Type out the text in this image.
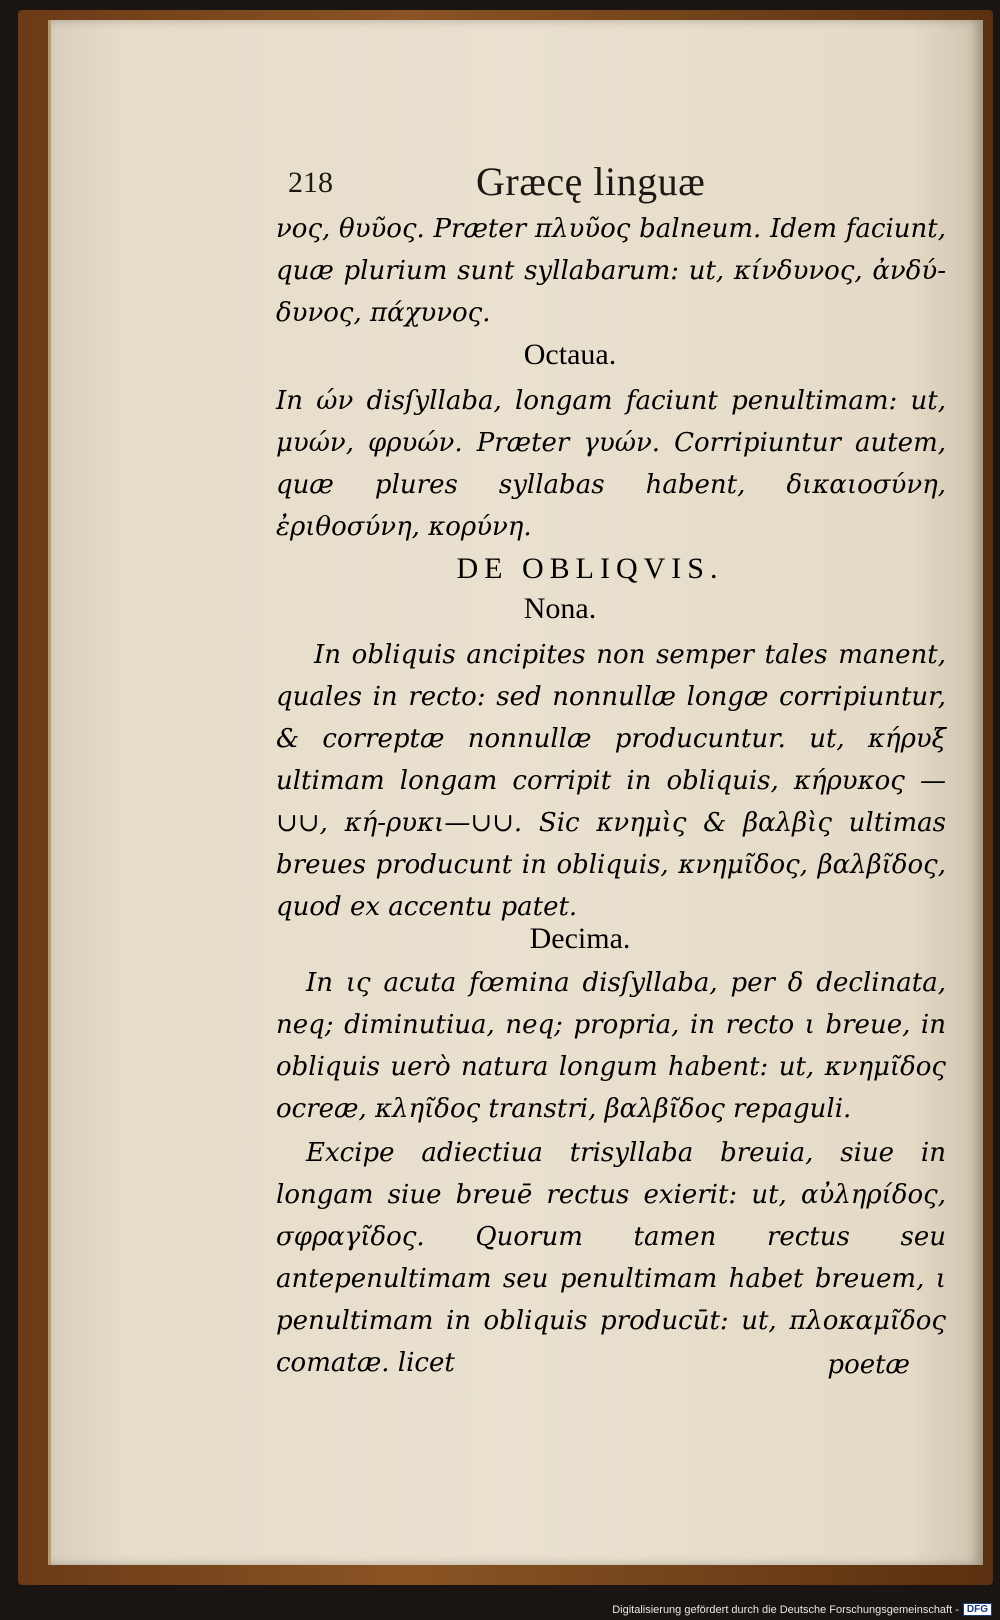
218	Græcę linguæ
νος, θυῦος. Præter πλυῦος balneum. Idem faciunt, quæ plurium sunt syllabarum: ut, κίνδυνος, ἀνδύ-δυνος, πάχυνος.
Octaua.
In ών disſyllaba, longam faciunt penultimam: ut, μυών, φρυών. Præter γυών. Corripiuntur autem, quæ plures syllabas habent, δικαιοσύνη, ἐριθοσύνη, κορύνη.
DE OBLIQVIS.
Nona.
In obliquis ancipites non semper tales manent, quales in recto: sed nonnullæ longæ corripiuntur, & correptæ nonnullæ producuntur. ut, κήρυξ ultimam longam corripit in obliquis, κήρυκος —∪∪, κή-ρυκι—∪∪. Sic κνημὶς & βαλβὶς ultimas breues producunt in obliquis, κνημῖδος, βαλβῖδος, quod ex accentu patet.
Decima.
In ις acuta fœmina disſyllaba, per δ declinata, neq; diminutiua, neq; propria, in recto ι breue, in obliquis uerò natura longum habent: ut, κνημῖδος ocreæ, κληῖδος transtri, βαλβῖδος repaguli.
Excipe adiectiua trisyllaba breuia, siue in longam siue breuē rectus exierit: ut, αὐληρίδος, σφραγῖδος. Quorum tamen rectus seu antepenultimam seu penultimam habet breuem, ι penultimam in obliquis producūt: ut, πλοκαμῖδος comatæ. licet	poetæ
Digitalisierung gefördert durch die Deutsche Forschungsgemeinschaft - DFG
